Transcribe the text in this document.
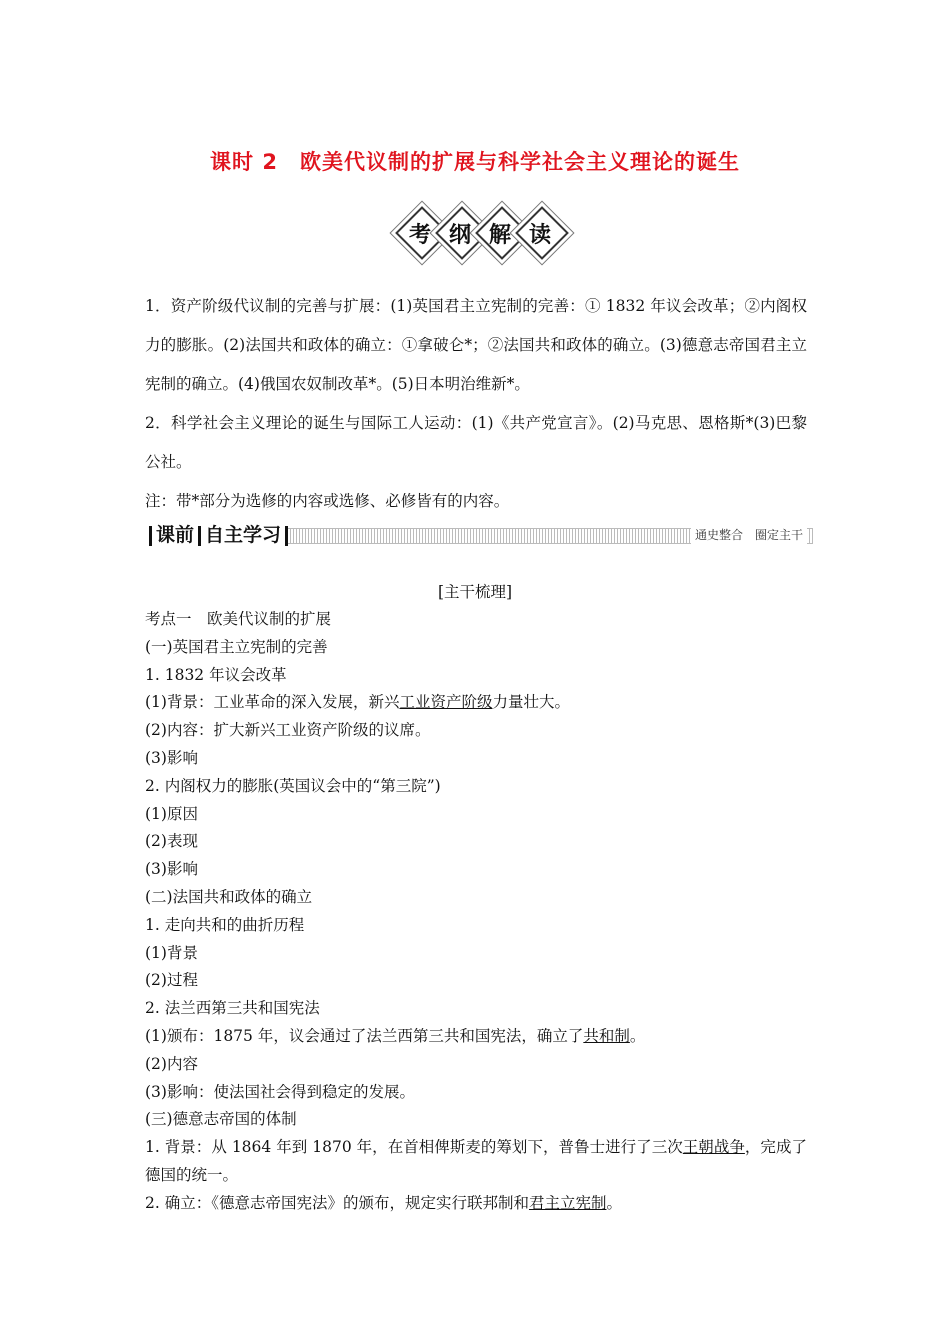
课时 2　欧美代议制的扩展与科学社会主义理论的诞生
考 纲 解 读
1．资产阶级代议制的完善与扩展：(1)英国君主立宪制的完善：① 1832 年议会改革；②内阁权力的膨胀。(2)法国共和政体的确立：①拿破仑*；②法国共和政体的确立。(3)德意志帝国君主立宪制的确立。(4)俄国农奴制改革*。(5)日本明治维新*。
2．科学社会主义理论的诞生与国际工人运动：(1)《共产党宣言》。(2)马克思、恩格斯*(3)巴黎公社。
注：带*部分为选修的内容或选修、必修皆有的内容。
课前 自主学习	通史整合　圈定主干
[主干梳理]
考点一　欧美代议制的扩展
(一)英国君主立宪制的完善
1. 1832 年议会改革
(1)背景：工业革命的深入发展，新兴工业资产阶级力量壮大。
(2)内容：扩大新兴工业资产阶级的议席。
(3)影响
2. 内阁权力的膨胀(英国议会中的“第三院”)
(1)原因
(2)表现
(3)影响
(二)法国共和政体的确立
1. 走向共和的曲折历程
(1)背景
(2)过程
2. 法兰西第三共和国宪法
(1)颁布：1875 年，议会通过了法兰西第三共和国宪法，确立了共和制。
(2)内容
(3)影响：使法国社会得到稳定的发展。
(三)德意志帝国的体制
1. 背景：从 1864 年到 1870 年，在首相俾斯麦的筹划下，普鲁士进行了三次王朝战争，完成了德国的统一。
2. 确立：《德意志帝国宪法》的颁布，规定实行联邦制和君主立宪制。
